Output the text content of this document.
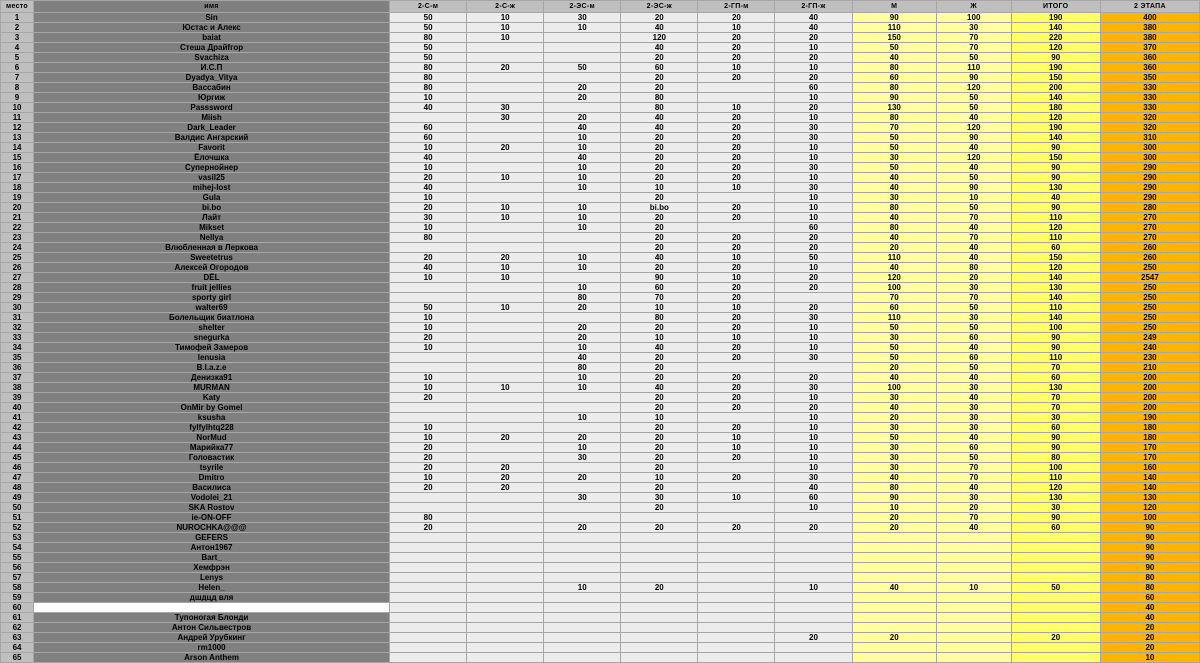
место	имя	2-С-м	2-С-ж	2-ЭС-м	2-ЭС-ж	2-ГП-м	2-ГП-ж	М	Ж	ИТОГО	2 ЭТАПА
1	Sin	50	10	30	20	20	40	90	100	190	400
2	Юстас и Алекс	50	10	10	40	10	40	110	30	140	380
3	baiat	80	10		120	20	20	150	70	220	380
4	Стеша Драйfгор	50			40	20	10	50	70	120	370
5	Svachiza	50			20	20	20	40	50	90	360
6	И.С.П	80	20	50	60	10	10	80	110	190	360
7	Dyadya_Vitya	80			20	20	20	60	90	150	350
8	Вассабин	80		20	20		60	80	120	200	330
9	Юргиж	10		20	80		10	90	50	140	330
10	Passsword	40	30		80	10	20	130	50	180	330
11	Miish		30	20	40	20	10	80	40	120	320
12	Dark_Leader	60		40	40	20	30	70	120	190	320
13	Валдис Ангарский	60		10	20	20	30	50	90	140	310
14	Favorit	10	20	10	20	20	10	50	40	90	300
15	Ёлочшка	40		40	20	20	10	30	120	150	300
16	Супернойнер	10		10	20	20	30	50	40	90	290
17	vasil25	20	10	10	20	20	10	40	50	90	290
18	mihej-lost	40		10	10	10	30	40	90	130	290
19	Gula	10			20		10	30	10	40	290
20	bi.bo	20	10	10	bi.bo	20	10	80	50	90	280
21	Лайт	30	10	10	20	20	10	40	70	110	270
22	Mikset	10		10	20		60	80	40	120	270
23	Nellya	80			20	20	20	40	70	110	270
24	Влюбленная в Леркова				20	20	20	20	40	60	260
25	Sweetetrus	20	20	10	40	10	50	110	40	150	260
26	Алексей Огородов	40	10	10	20	20	10	40	80	120	250
27	DЁL	10	10		90	10	20	120	20	140	2547
28	fruit jellies			10	60	20	20	100	30	130	250
29	sporty girl			80	70	20		70	70	140	250
30	walter69	50	10	20	10	10	20	60	50	110	250
31	Болельщик биатлона	10			80	20	30	110	30	140	250
32	shelter	10		20	20	20	10	50	50	100	250
33	snegurka	20		20	10	10	10	30	60	90	249
34	Тимофей Замеров	10		10	40	20	10	50	40	90	240
35	lenusia			40	20	20	30	50	60	110	230
36	B.l.a.z.e			80	20			20	50	70	210
37	Денизка91	10		10	20	20	20	40	40	60	200
38	MURMAN	10	10	10	40	20	30	100	30	130	200
39	Katy	20			20	20	10	30	40	70	200
40	OnMir by Gomel				20	20	20	40	30	70	200
41	ksusha			10	10		10	20	30	30	190
42	fylfylhtq228	10			20	20	10	30	30	60	180
43	NorMud	10	20	20	20	10	10	50	40	90	180
44	Марийка77	20		10	20	10	10	30	60	90	170
45	Головастик	20		30	20	20	10	30	50	80	170
46	tsyrile	20	20		20		10	30	70	100	160
47	Dmitro	10	20	20	10	20	30	40	70	110	140
48	Василиса	20	20		20		40	80	40	120	140
49	Vodolei_21			30	30	10	60	90	30	130	130
50	SKA Rostov				20		10	10	20	30	120
51	ie-ON-OFF	80						20	70	90	100
52	NUROCHKA@@@	20		20	20	20	20	20	40	60	90
53	GEFERS										90
54	Антон1967										90
55	Bart_										90
56	Хемфрэн										90
57	Lenys										80
58	Helen_			10	20		10	40	10	50	80
59	дшдцд вля										60
60											40
61	Тупоногая Блонди										40
62	Антон Сильвестров										20
63	Андрей Урубкинг						20	20		20	20
64	rm1000										20
65	Arson Anthem										10
